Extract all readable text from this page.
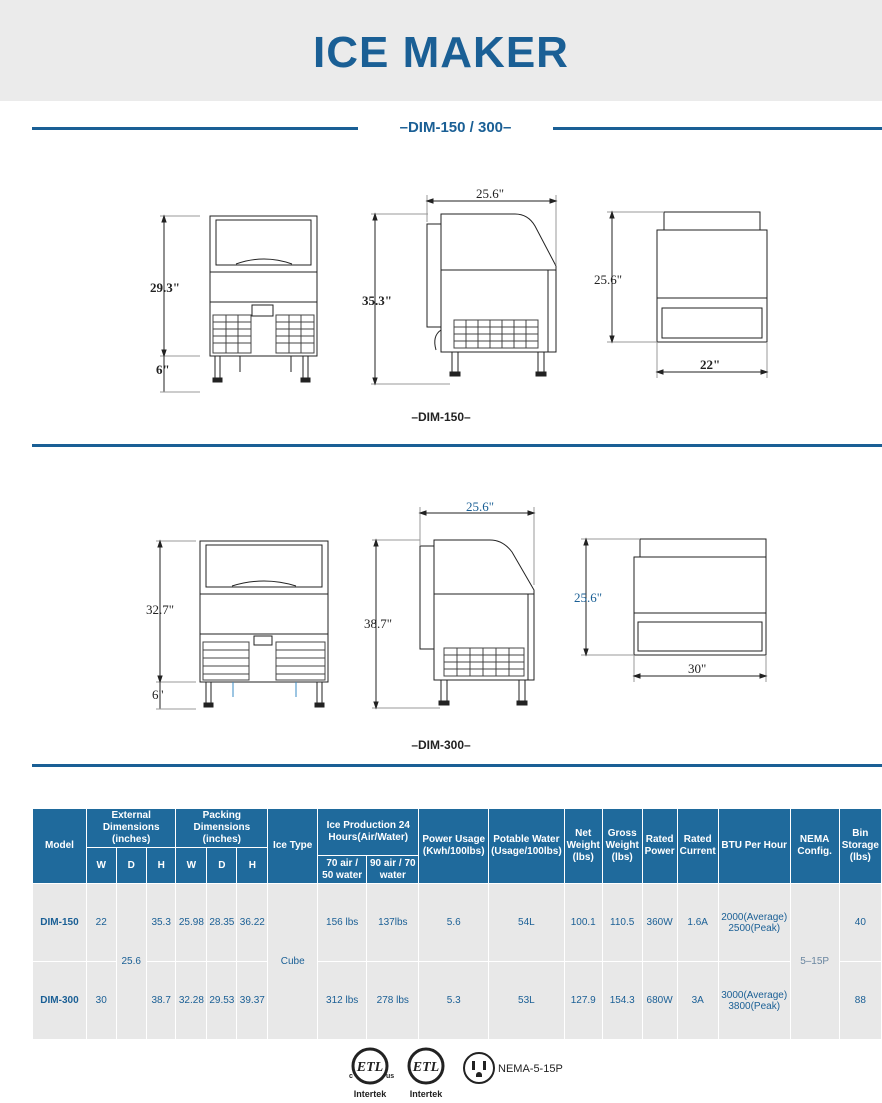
ICE MAKER
–DIM-150 / 300–
29.3"
6"
35.3"
25.6"
25.6"
22"
32.7"
6"
38.7"
25.6"
25.6"
30"
–DIM-150–
–DIM-300–
Model	External Dimensions (inches)			Packing Dimensions (inches)			Ice Type	Ice Production 24 Hours(Air/Water)		Power Usage (Kwh/100lbs)	Potable Water (Usage/100lbs)	Net Weight (lbs)	Gross Weight (lbs)	Rated Power	Rated Current	BTU Per Hour	NEMA Config.	Bin Storage (lbs)
	W	D	H	W	D	H												
								70 air / 50 water	90 air / 70 water									
DIM-150	22	25.6	35.3	25.98	28.35	36.22	Cube	156 lbs	137lbs	5.6	54L	100.1	110.5	360W	1.6A	2000(Average) 2500(Peak)	5–15P	40
DIM-300	30		38.7	32.28	29.53	39.37		312 lbs	278 lbs	5.3	53L	127.9	154.3	680W	3A	3000(Average) 3800(Peak)		88
ETL
c	us
Intertek
ETL
Intertek
NEMA-5-15P
